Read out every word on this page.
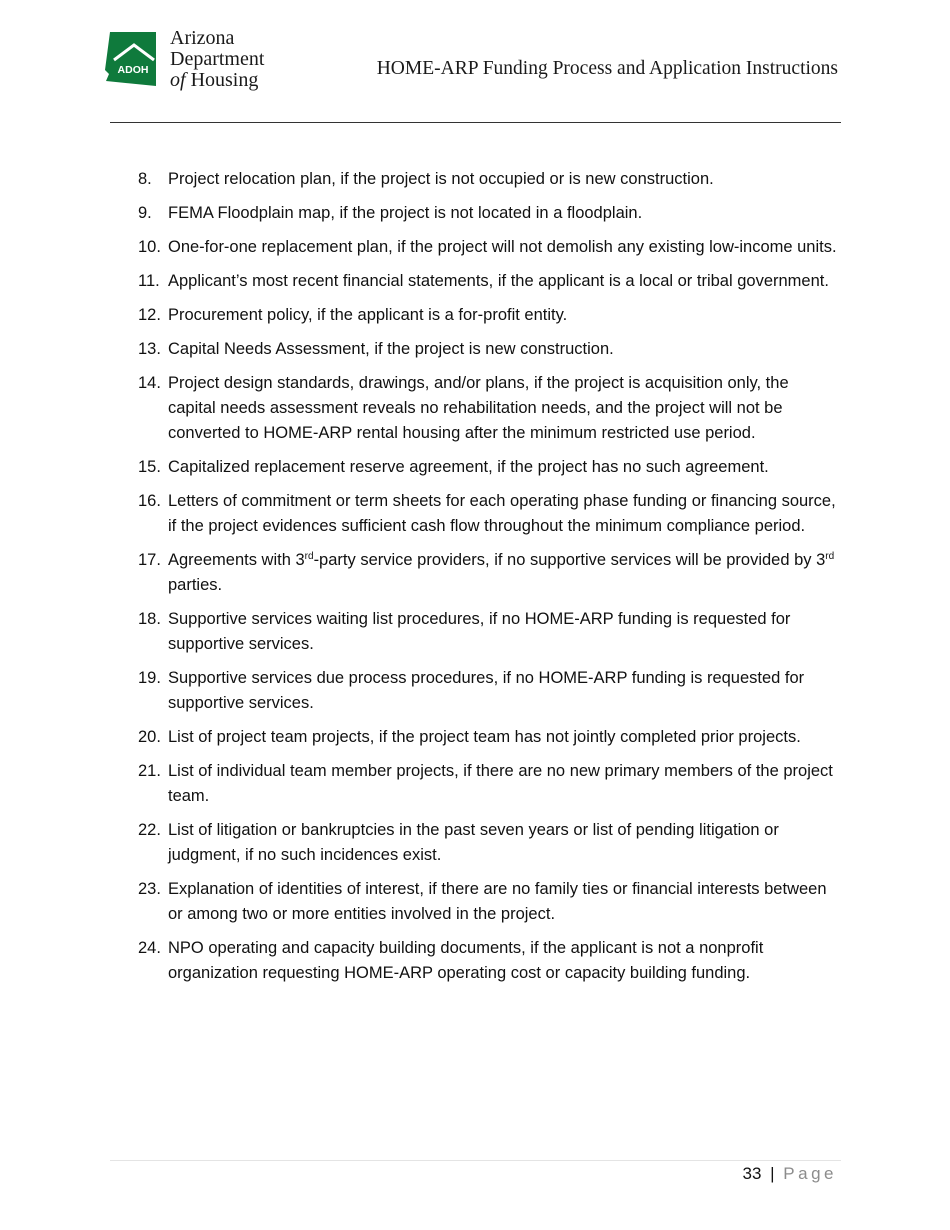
ADOH
Arizona
Department
of Housing
HOME-ARP Funding Process and Application Instructions
8. Project relocation plan, if the project is not occupied or is new construction.
9. FEMA Floodplain map, if the project is not located in a floodplain.
10. One-for-one replacement plan, if the project will not demolish any existing low-income units.
11. Applicant’s most recent financial statements, if the applicant is a local or tribal government.
12. Procurement policy, if the applicant is a for-profit entity.
13. Capital Needs Assessment, if the project is new construction.
14. Project design standards, drawings, and/or plans, if the project is acquisition only, the capital needs assessment reveals no rehabilitation needs, and the project will not be converted to HOME-ARP rental housing after the minimum restricted use period.
15. Capitalized replacement reserve agreement, if the project has no such agreement.
16. Letters of commitment or term sheets for each operating phase funding or financing source, if the project evidences sufficient cash flow throughout the minimum compliance period.
17. Agreements with 3rd-party service providers, if no supportive services will be provided by 3rd parties.
18. Supportive services waiting list procedures, if no HOME-ARP funding is requested for supportive services.
19. Supportive services due process procedures, if no HOME-ARP funding is requested for supportive services.
20. List of project team projects, if the project team has not jointly completed prior projects.
21. List of individual team member projects, if there are no new primary members of the project team.
22. List of litigation or bankruptcies in the past seven years or list of pending litigation or judgment, if no such incidences exist.
23. Explanation of identities of interest, if there are no family ties or financial interests between or among two or more entities involved in the project.
24. NPO operating and capacity building documents, if the applicant is not a nonprofit organization requesting HOME-ARP operating cost or capacity building funding.
33 | Page
